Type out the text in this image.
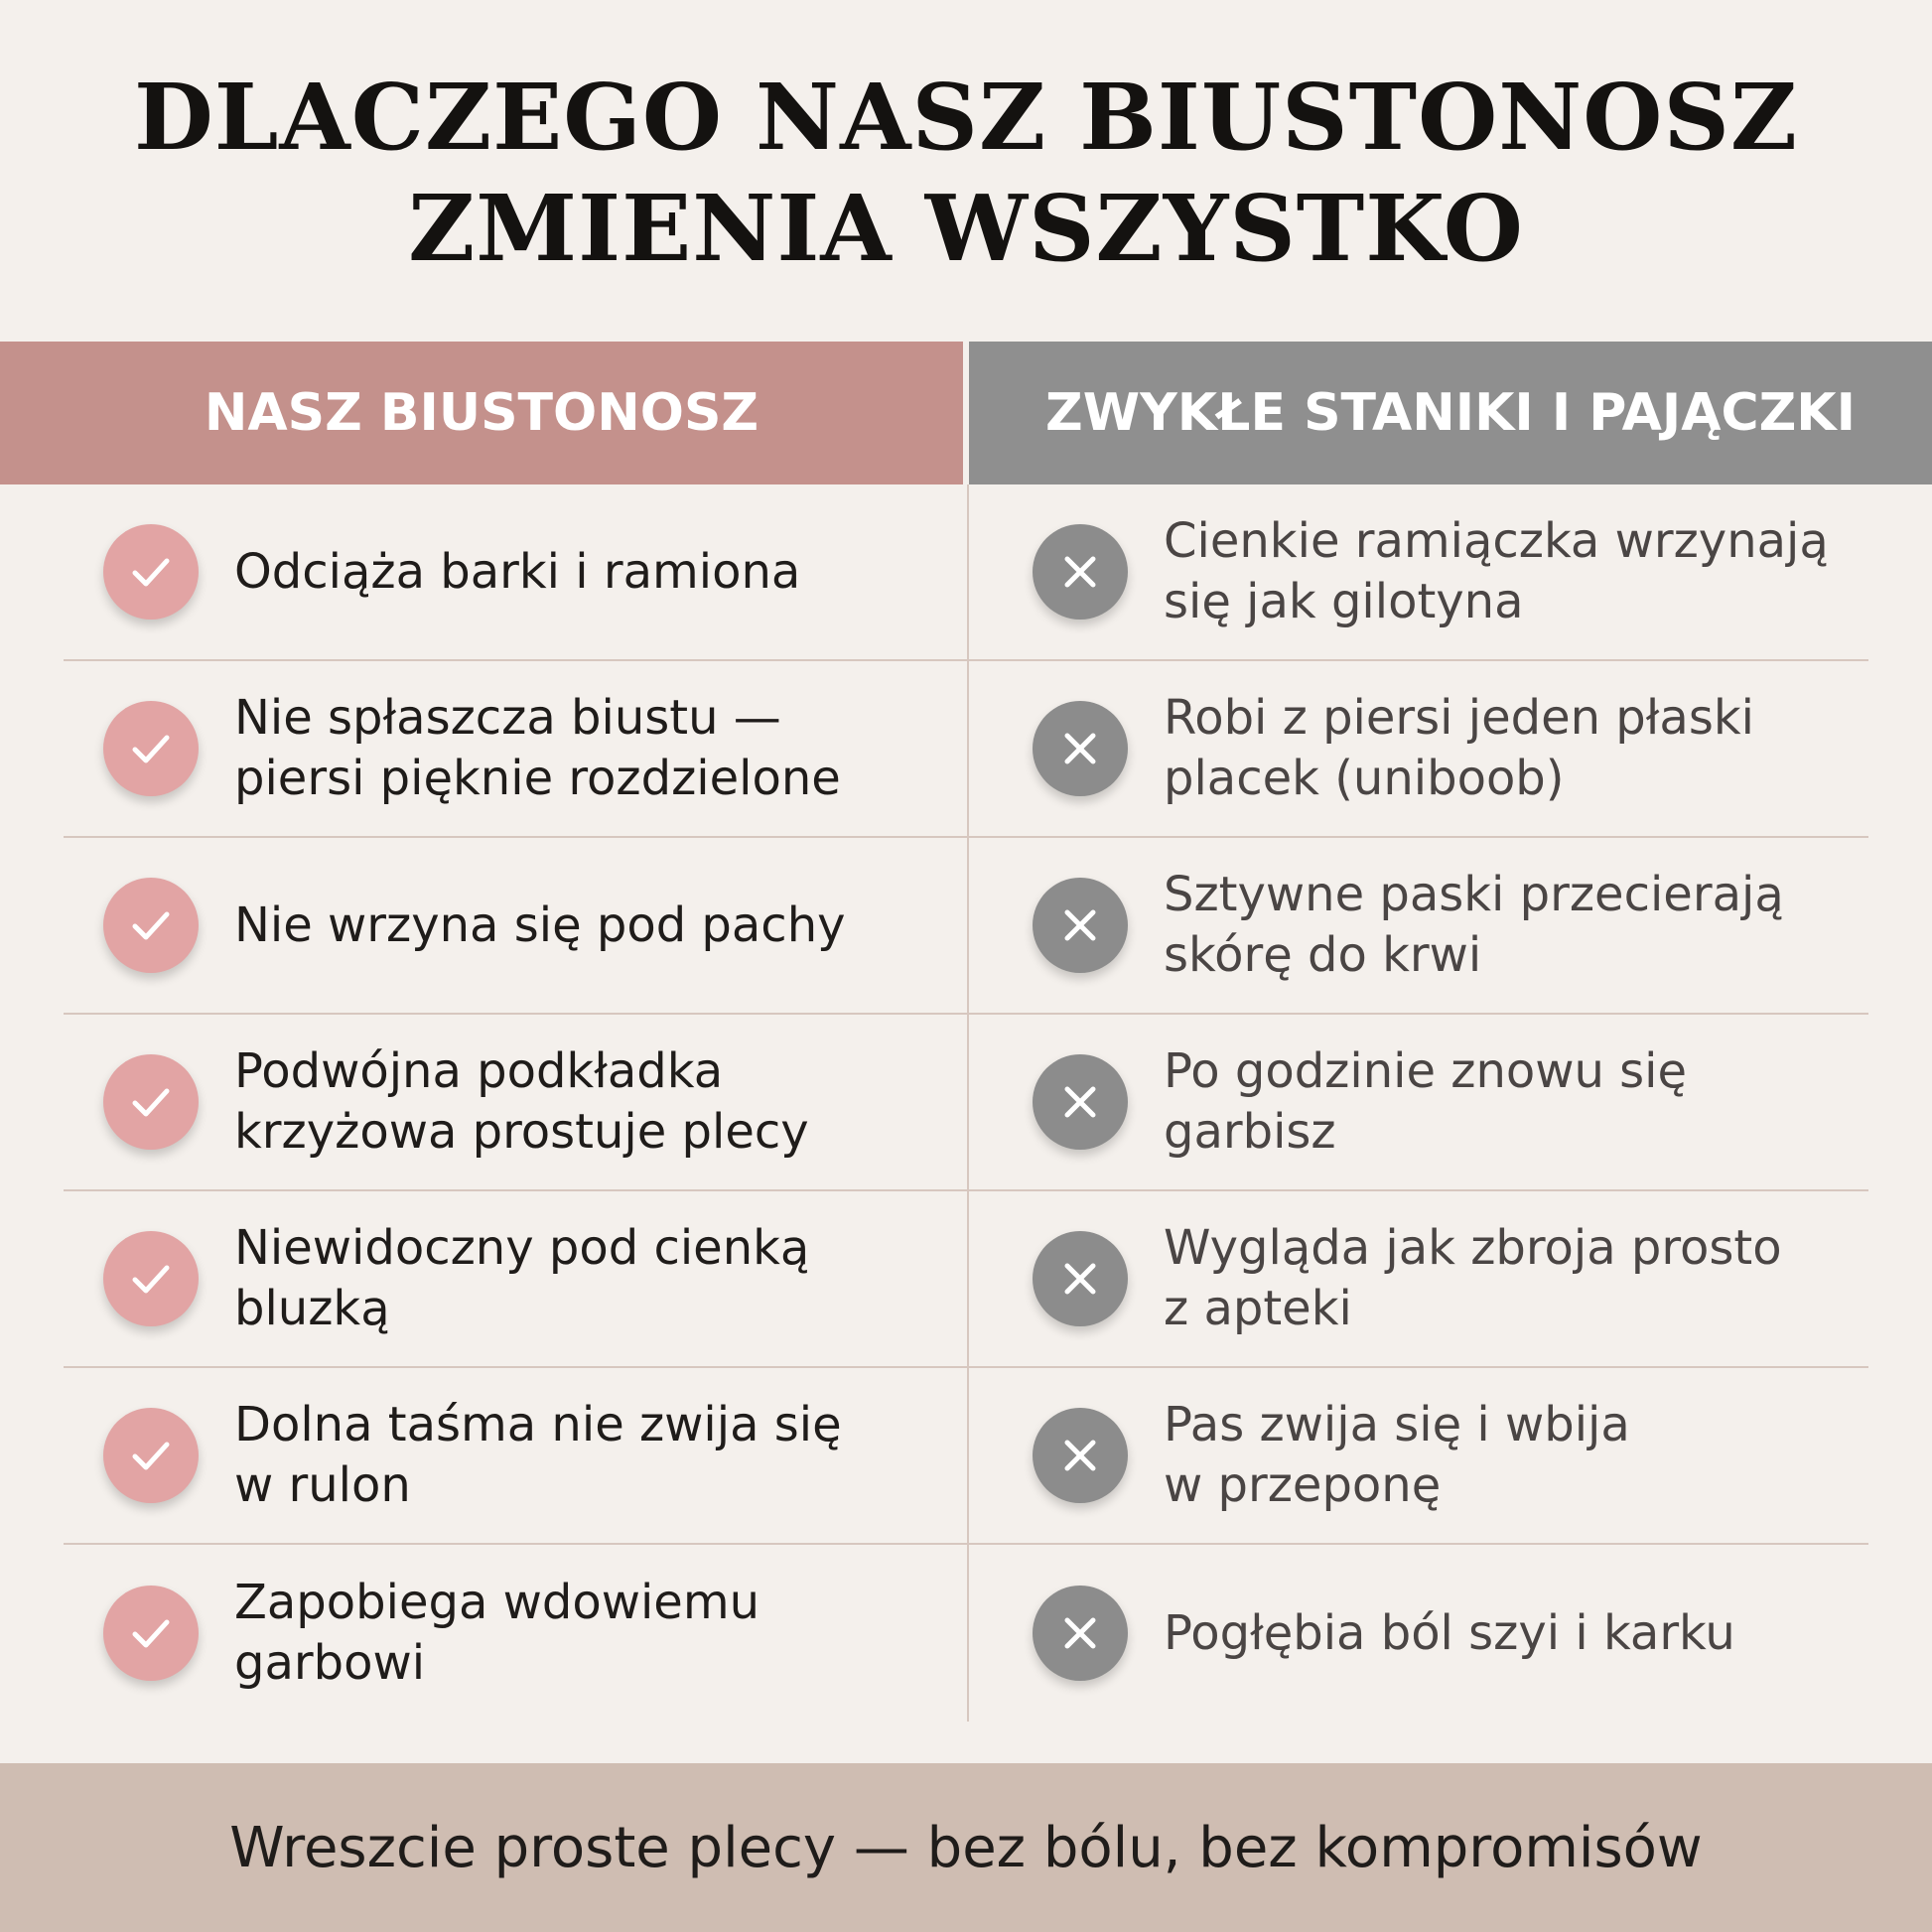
DLACZEGO NASZ BIUSTONOSZ
ZMIENIA WSZYSTKO
NASZ BIUSTONOSZ	ZWYKŁE STANIKI I PAJĄCZKI
Odciąża barki i ramiona
Cienkie ramiączka wrzynają
się jak gilotyna
Nie spłaszcza biustu —
piersi pięknie rozdzielone
Robi z piersi jeden płaski
placek (uniboob)
Nie wrzyna się pod pachy
Sztywne paski przecierają
skórę do krwi
Podwójna podkładka
krzyżowa prostuje plecy
Po godzinie znowu się
garbisz
Niewidoczny pod cienką
bluzką
Wygląda jak zbroja prosto
z apteki
Dolna taśma nie zwija się
w rulon
Pas zwija się i wbija
w przeponę
Zapobiega wdowiemu
garbowi
Pogłębia ból szyi i karku
Wreszcie proste plecy — bez bólu, bez kompromisów
